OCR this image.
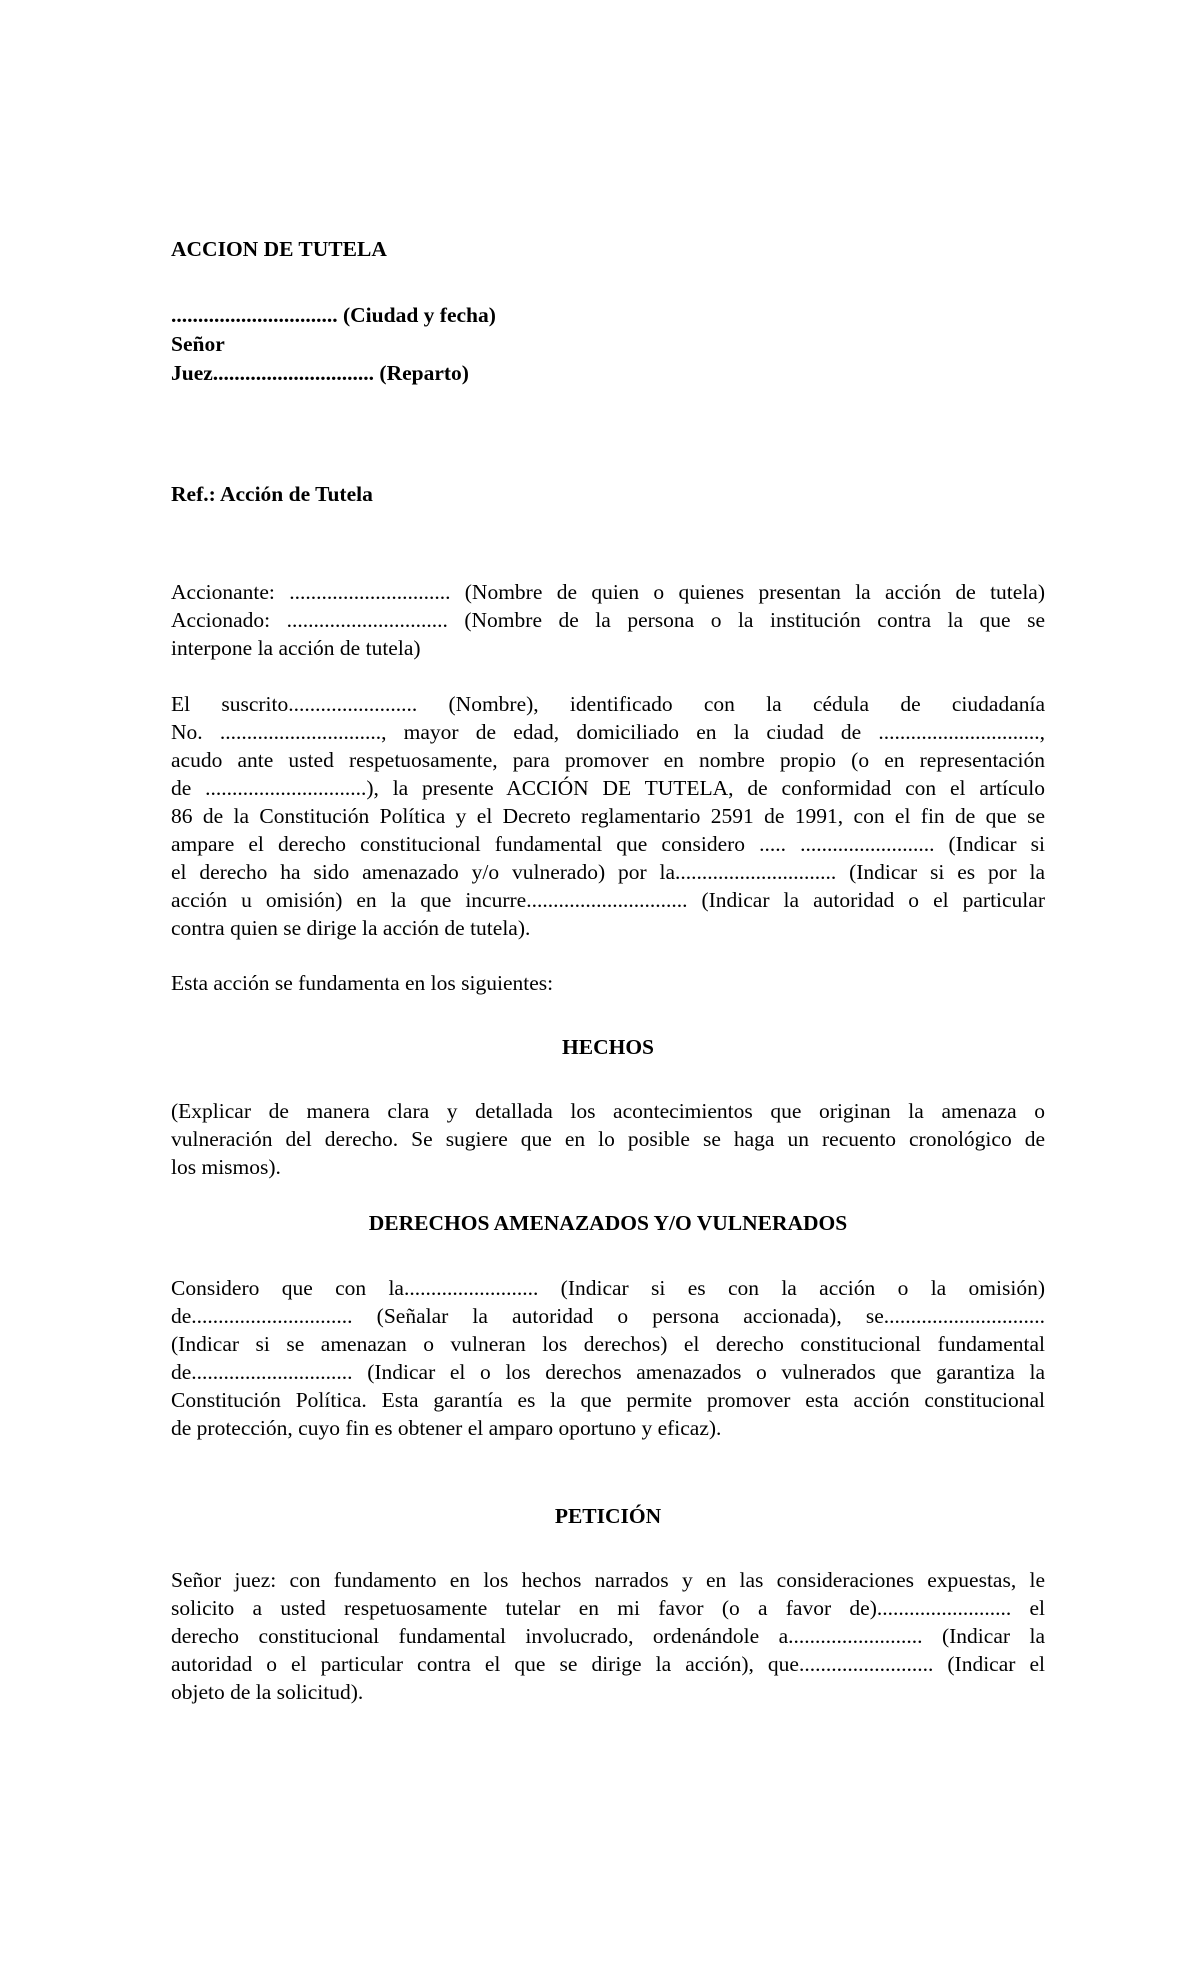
ACCION DE TUTELA
............................... (Ciudad y fecha)
Señor
Juez.............................. (Reparto)
Ref.: Acción de Tutela
Accionante: .............................. (Nombre de quien o quienes presentan la acción de tutela)
Accionado: .............................. (Nombre de la persona o la institución contra la que se
interpone la acción de tutela)
El suscrito........................ (Nombre), identificado con la cédula de ciudadanía
No. .............................., mayor de edad, domiciliado en la ciudad de ..............................,
acudo ante usted respetuosamente, para promover en nombre propio (o en representación
de ..............................), la presente ACCIÓN DE TUTELA, de conformidad con el artículo
86 de la Constitución Política y el Decreto reglamentario 2591 de 1991, con el fin de que se
ampare el derecho constitucional fundamental que considero ..... ......................... (Indicar si
el derecho ha sido amenazado y/o vulnerado) por la.............................. (Indicar si es por la
acción u omisión) en la que incurre.............................. (Indicar la autoridad o el particular
contra quien se dirige la acción de tutela).
Esta acción se fundamenta en los siguientes:
HECHOS
(Explicar de manera clara y detallada los acontecimientos que originan la amenaza o
vulneración del derecho. Se sugiere que en lo posible se haga un recuento cronológico de
los mismos).
DERECHOS AMENAZADOS Y/O VULNERADOS
Considero que con la......................... (Indicar si es con la acción o la omisión)
de.............................. (Señalar la autoridad o persona accionada), se..............................
(Indicar si se amenazan o vulneran los derechos) el derecho constitucional fundamental
de.............................. (Indicar el o los derechos amenazados o vulnerados que garantiza la
Constitución Política. Esta garantía es la que permite promover esta acción constitucional
de protección, cuyo fin es obtener el amparo oportuno y eficaz).
PETICIÓN
Señor juez: con fundamento en los hechos narrados y en las consideraciones expuestas, le
solicito a usted respetuosamente tutelar en mi favor (o a favor de)......................... el
derecho constitucional fundamental involucrado, ordenándole a......................... (Indicar la
autoridad o el particular contra el que se dirige la acción), que......................... (Indicar el
objeto de la solicitud).
